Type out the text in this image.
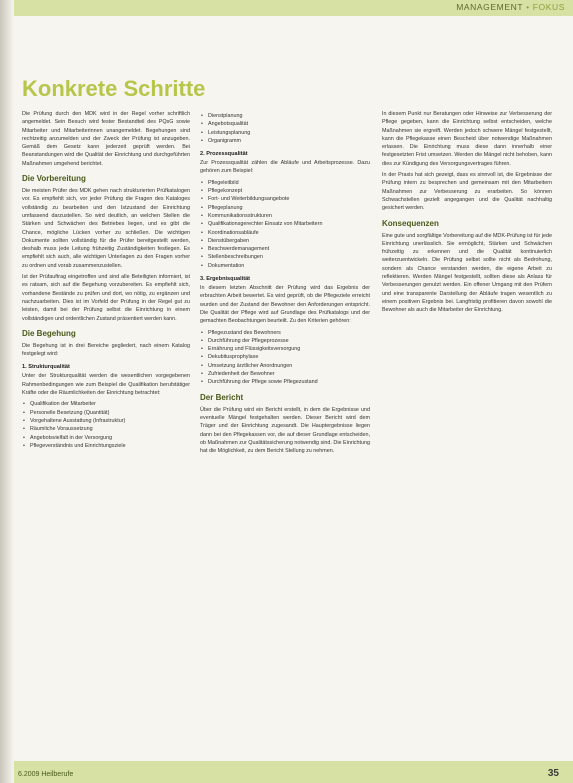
MANAGEMENT • FOKUS
Konkrete Schritte

Die Prüfung durch den MDK wird in der Regel vorher schriftlich angemeldet. Sein Besuch wird fester Bestandteil des PQsG sowie Mitarbeiter und Mitarbeiterinnen unangemeldet. Begehungen sind rechtzeitig anzumelden und der Zweck der Prüfung ist anzugeben. Gemäß dem Gesetz kann jederzeit geprüft werden. Bei Beanstandungen wird die Qualität der Einrichtung und durchgeführten Maßnahmen umgehend berichtet.

Die Vorbereitung

Die meisten Prüfer des MDK gehen nach strukturierten Prüfkatalogen vor. Es empfiehlt sich, vor jeder Prüfung die Fragen des Kataloges vollständig zu bearbeiten und den Istzustand der Einrichtung umfassend darzustellen. So wird deutlich, an welchen Stellen die Stärken und Schwächen des Betriebes liegen, und es gibt die Chance, mögliche Lücken vorher zu schließen. Die wichtigen Dokumente sollten vollständig für die Prüfer bereitgestellt werden, deshalb muss jede Leitung frühzeitig Zuständigkeiten festlegen. Es empfiehlt sich auch, alle wichtigen Unterlagen zu den Fragen vorher zu ordnen und vorab zusammenzustellen.

Ist der Prüfauftrag eingetroffen und sind alle Beteiligten informiert, ist es ratsam, sich auf die Begehung vorzubereiten. Es empfiehlt sich, vorhandene Bestände zu prüfen und dort, wo nötig, zu ergänzen und nachzuarbeiten. Dies ist im Vorfeld der Prüfung in der Regel gut zu leisten, damit bei der Prüfung selbst die Einrichtung in einem vollständigen und ordentlichen Zustand präsentiert werden kann.

Die Begehung

Die Begehung ist in drei Bereiche gegliedert, nach einem Katalog festgelegt wird:

1. Strukturqualität

Unter der Strukturqualität werden die wesentlichen vorgegebenen Rahmenbedingungen wie zum Beispiel die Qualifikation berufstätiger Kräfte oder die Räumlichkeiten der Einrichtung betrachtet:

• Qualifikation der Mitarbeiter
• Personelle Besetzung (Quantität)
• Vorgehaltene Ausstattung (Infrastruktur)
• Räumliche Voraussetzung
• Angebotsvielfalt in der Versorgung
• Pflegeverständnis und Einrichtungsziele
• Dienstplanung
• Angebotsqualität
• Leistungsplanung
• Organigramm
2. Prozessqualität

Zur Prozessqualität zählen die Abläufe und Arbeitsprozesse. Dazu gehören zum Beispiel:

• Pflegeleitbild
• Pflegekonzept
• Fort- und Weiterbildungsangebote
• Pflegeplanung
• Kommunikationsstrukturen
• Qualifikationsgerechter Einsatz von Mitarbeitern
• Koordinationsabläufe
• Dienstübergaben
• Beschwerdemanagement
• Stellenbeschreibungen
• Dokumentation
3. Ergebnisqualität

In diesem letzten Abschnitt der Prüfung wird das Ergebnis der erbrachten Arbeit bewertet. Es wird geprüft, ob die Pflegeziele erreicht wurden und der Zustand der Bewohner den Anforderungen entspricht. Die Qualität der Pflege wird auf Grundlage des Prüfkatalogs und der gemachten Beobachtungen beurteilt. Zu den Kriterien gehören:

• Pflegezustand des Bewohners
• Durchführung der Pflegeprozesse
• Ernährung und Flüssigkeitsversorgung
• Dekubitusprophylaxe
• Umsetzung ärztlicher Anordnungen
• Zufriedenheit der Bewohner
• Durchführung der Pflege sowie Pflegezustand
Der Bericht

Über die Prüfung wird ein Bericht erstellt, in dem die Ergebnisse und eventuelle Mängel festgehalten werden. Dieser Bericht wird dem Träger und der Einrichtung zugesandt. Die Hauptergebnisse liegen dann bei den Pflegekassen vor, die auf dieser Grundlage entscheiden, ob Maßnahmen zur Qualitätssicherung notwendig sind. Die Einrichtung hat die Möglichkeit, zu dem Bericht Stellung zu nehmen.

In diesem Punkt nur Beratungen oder Hinweise zur Verbesserung der Pflege gegeben, kann die Einrichtung selbst entscheiden, welche Maßnahmen sie ergreift. Werden jedoch schwere Mängel festgestellt, kann die Pflegekasse einen Bescheid über notwendige Maßnahmen erlassen. Die Einrichtung muss diese dann innerhalb einer festgesetzten Frist umsetzen. Werden die Mängel nicht behoben, kann dies zur Kündigung des Versorgungsvertrages führen.

In der Praxis hat sich gezeigt, dass es sinnvoll ist, die Ergebnisse der Prüfung intern zu besprechen und gemeinsam mit den Mitarbeitern Maßnahmen zur Verbesserung zu erarbeiten. So können Schwachstellen gezielt angegangen und die Qualität nachhaltig gesichert werden.

Konsequenzen

Eine gute und sorgfältige Vorbereitung auf die MDK-Prüfung ist für jede Einrichtung unerlässlich. Sie ermöglicht, Stärken und Schwächen frühzeitig zu erkennen und die Qualität kontinuierlich weiterzuentwickeln. Die Prüfung selbst sollte nicht als Bedrohung, sondern als Chance verstanden werden, die eigene Arbeit zu reflektieren. Werden Mängel festgestellt, sollten diese als Anlass für Verbesserungen genutzt werden. Ein offener Umgang mit den Prüfern und eine transparente Darstellung der Abläufe tragen wesentlich zu einem positiven Ergebnis bei. Langfristig profitieren davon sowohl die Bewohner als auch die Mitarbeiter der Einrichtung.

6.2009 Heilberufe	35
